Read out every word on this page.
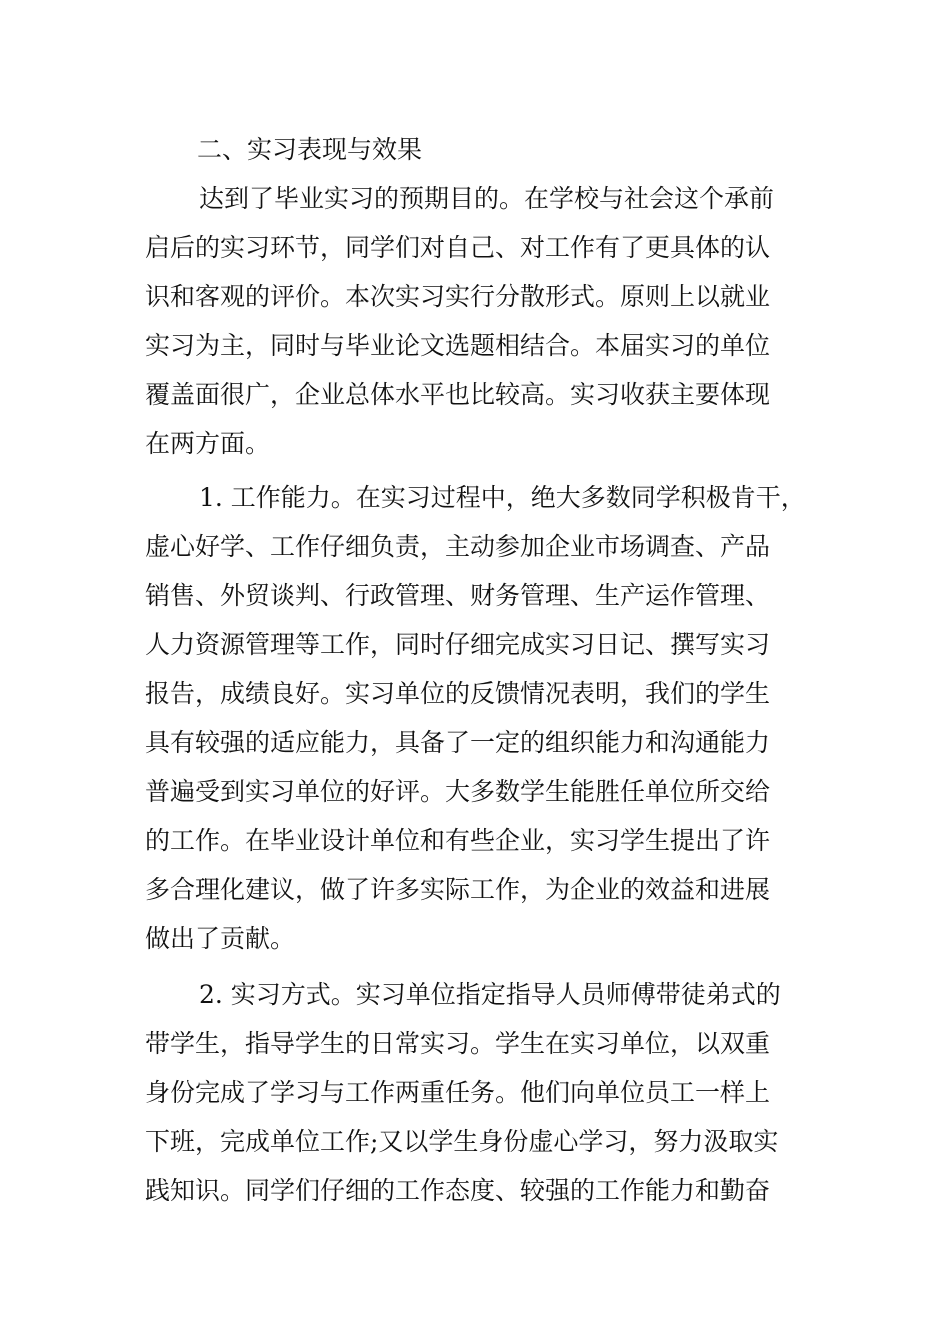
二、实习表现与效果

达到了毕业实习的预期目的。在学校与社会这个承前

启后的实习环节，同学们对自己、对工作有了更具体的认

识和客观的评价。本次实习实行分散形式。原则上以就业

实习为主，同时与毕业论文选题相结合。本届实习的单位

覆盖面很广，企业总体水平也比较高。实习收获主要体现

在两方面。

1. 工作能力。在实习过程中，绝大多数同学积极肯干，

虚心好学、工作仔细负责，主动参加企业市场调查、产品

销售、外贸谈判、行政管理、财务管理、生产运作管理、

人力资源管理等工作，同时仔细完成实习日记、撰写实习

报告，成绩良好。实习单位的反馈情况表明，我们的学生

具有较强的适应能力，具备了一定的组织能力和沟通能力

普遍受到实习单位的好评。大多数学生能胜任单位所交给

的工作。在毕业设计单位和有些企业，实习学生提出了许

多合理化建议，做了许多实际工作，为企业的效益和进展

做出了贡献。

2. 实习方式。实习单位指定指导人员师傅带徒弟式的

带学生，指导学生的日常实习。学生在实习单位，以双重

身份完成了学习与工作两重任务。他们向单位员工一样上

下班，完成单位工作;又以学生身份虚心学习，努力汲取实

践知识。同学们仔细的工作态度、较强的工作能力和勤奋
